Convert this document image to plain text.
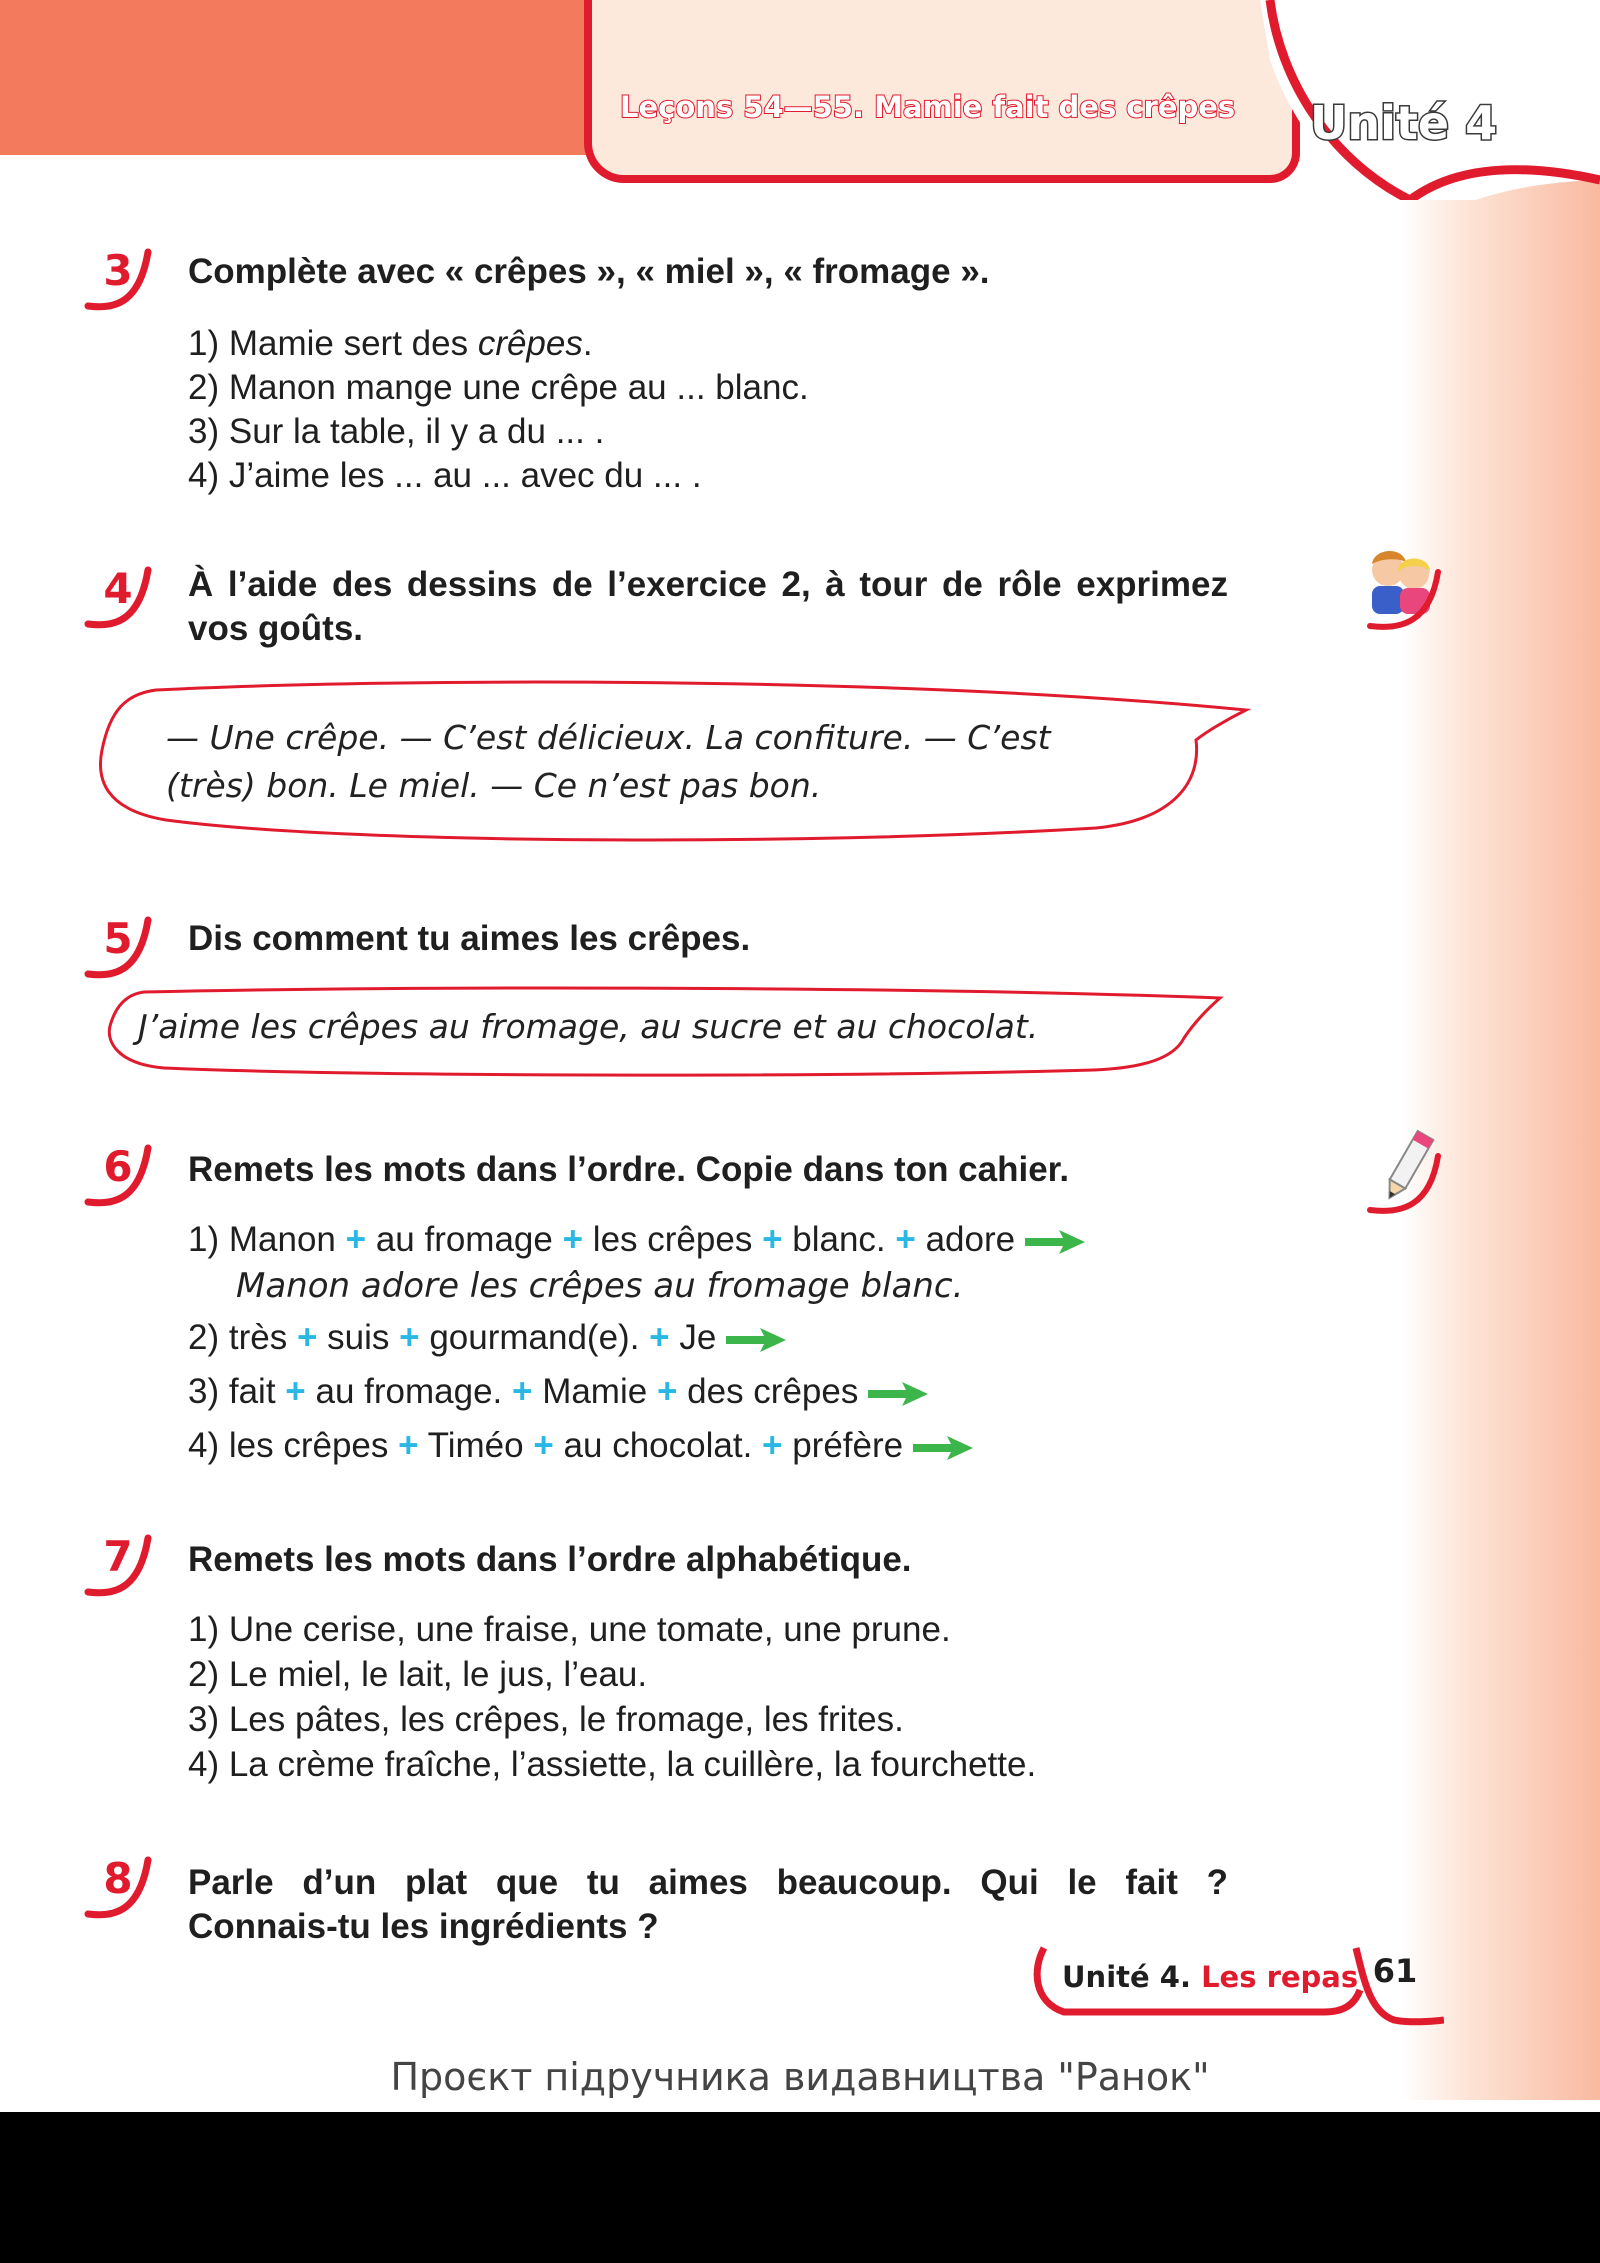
Leçons 54—55. Mamie fait des crêpes Unité 4
3 Complète avec « crêpes », « miel », « fromage ».
1) Mamie sert des crêpes.
2) Manon mange une crêpe au ... blanc.
3) Sur la table, il y a du ... .
4) J’aime les ... au ... avec du ... .
4 À l’aide des dessins de l’exercice 2, à tour de rôle exprimez vos goûts.
— Une crêpe. — C’est délicieux. La confiture. — C’est
(très) bon. Le miel. — Ce n’est pas bon.
5 Dis comment tu aimes les crêpes.
J’aime les crêpes au fromage, au sucre et au chocolat.
6 Remets les mots dans l’ordre. Copie dans ton cahier.
1) Manon + au fromage + les crêpes + blanc. + adore
Manon adore les crêpes au fromage blanc.
2) très + suis + gourmand(e). + Je
3) fait + au fromage. + Mamie + des crêpes
4) les crêpes + Timéo + au chocolat. + préfère
7 Remets les mots dans l’ordre alphabétique.
1) Une cerise, une fraise, une tomate, une prune.
2) Le miel, le lait, le jus, l’eau.
3) Les pâtes, les crêpes, le fromage, les frites.
4) La crème fraîche, l’assiette, la cuillère, la fourchette.
8 Parle d’un plat que tu aimes beaucoup. Qui le fait ?
Connais-tu les ingrédients ?
Unité 4. Les repas 61
Проєкт підручника видавництва "Ранок"
